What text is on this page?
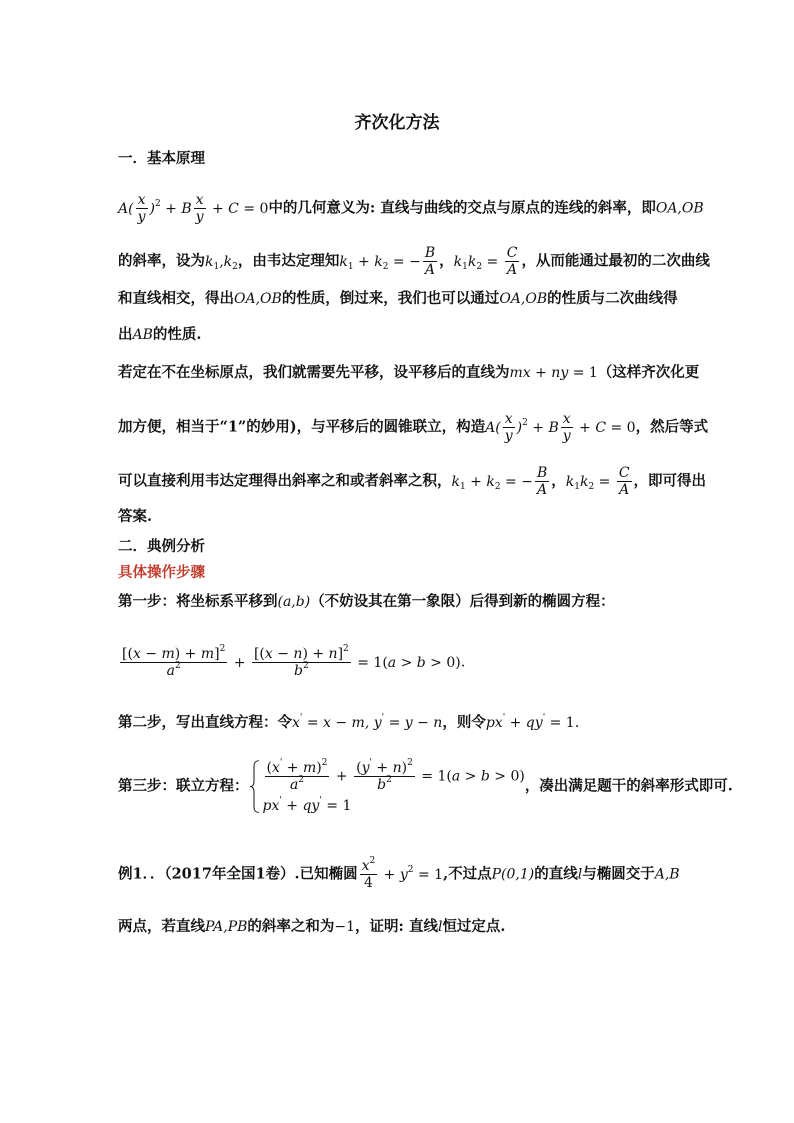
齐次化方法
一．基本原理
$A( \frac{x}{y} )^2 + B \frac{x}{y} + C = 0$中的几何意义为: 直线与曲线的交点与原点的连线的斜率，即OA,OB
的斜率，设为$k_1,k_2$，由韦达定理知$k_1 + k_2$ = − $\frac{B}{A}$ ，$k_1k_2 = \frac{C}{A}$ ，从而能通过最初的二次曲线
和直线相交，得出OA,OB的性质，倒过来，我们也可以通过OA,OB的性质与二次曲线得
出AB的性质.
若定在不在坐标原点，我们就需要先平移，设平移后的直线为mx + ny = 1（这样齐次化更
加方便，相当于“1”的妙用)，与平移后的圆锥联立，构造$A( \frac{x}{y} )^2 + B \frac{x}{y} + C = 0$，然后等式
可以直接利用韦达定理得出斜率之和或者斜率之积，$k_1 + k_2$ = − $\frac{B}{A}$ ，$k_1k_2 = \frac{C}{A}$ ，即可得出
答案.
二．典例分析
具体操作步骤
第一步：将坐标系平移到(a,b)（不妨设其在第一象限）后得到新的椭圆方程：
$\frac{[(x - m) + m]^2}{a^2} + \frac{[(x - n) + n]^2}{b^2} = 1(a > b > 0)$.
第二步，写出直线方程：令x' = x − m, y' = y − n，则令px' + qy' = 1.
第三步：联立方程： $\frac{(x' + m)^2}{a^2} + \frac{(y' + n)^2}{b^2} = 1(a > b > 0)$
px' + qy' = 1
，凑出满足题干的斜率形式即可.
例1．．（2017年全国1卷）.已知椭圆 $\frac{x^2}{4} + y^2 = 1$,不过点P(0,1)的直线l与椭圆交于A,B
两点，若直线PA,PB的斜率之和为−1，证明: 直线l恒过定点.
